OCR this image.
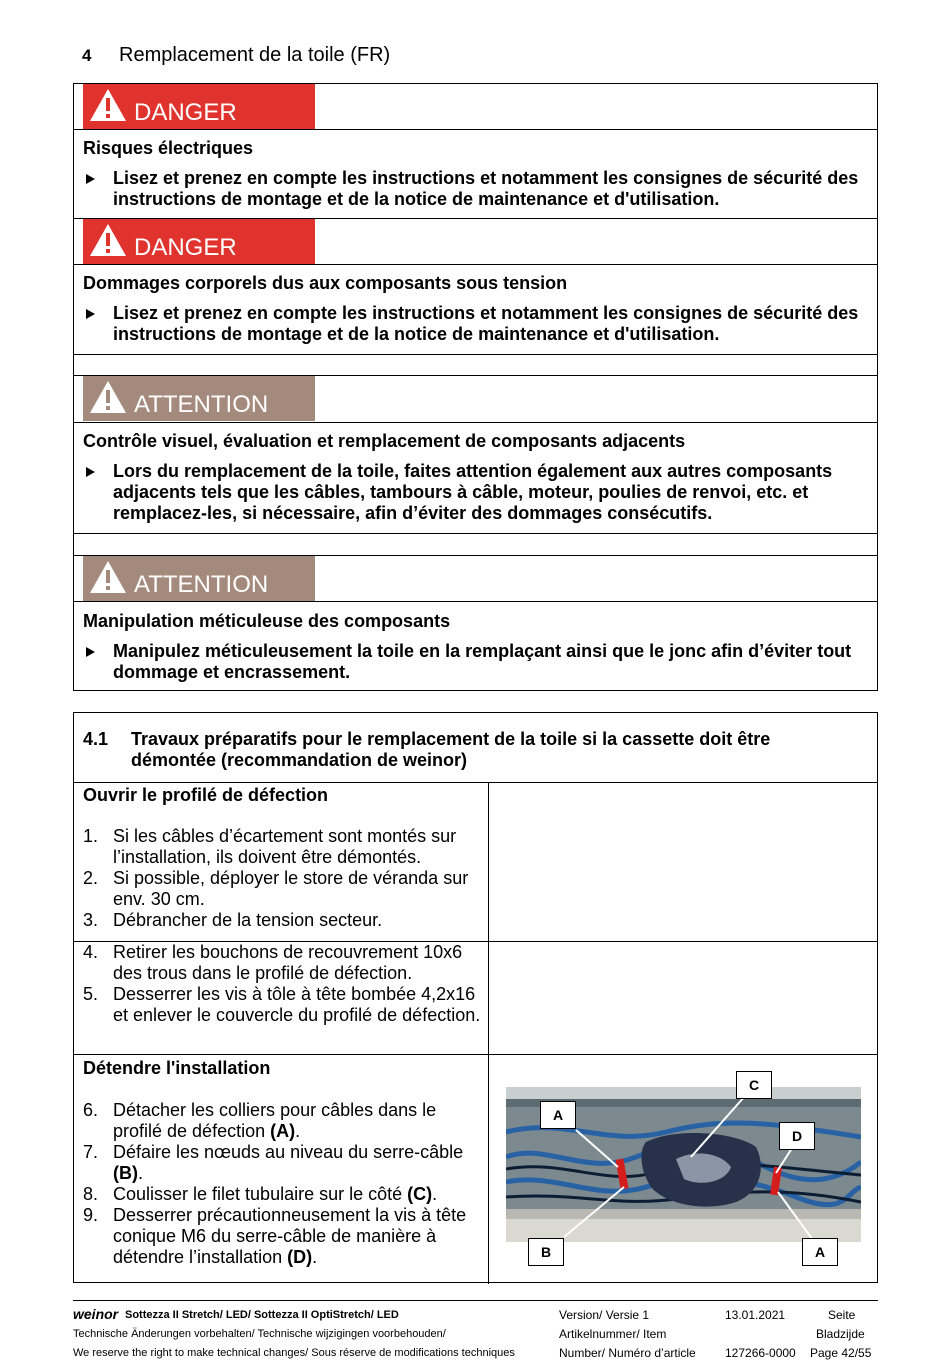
4 Remplacement de la toile (FR)
DANGER
Risques électriques
Lisez et prenez en compte les instructions et notamment les consignes de sécurité des instructions de montage et de la notice de maintenance et d'utilisation.
DANGER
Dommages corporels dus aux composants sous tension
Lisez et prenez en compte les instructions et notamment les consignes de sécurité des instructions de montage et de la notice de maintenance et d'utilisation.
ATTENTION
Contrôle visuel, évaluation et remplacement de composants adjacents
Lors du remplacement de la toile, faites attention également aux autres composants adjacents tels que les câbles, tambours à câble, moteur, poulies de renvoi, etc. et remplacez-les, si nécessaire, afin d’éviter des dommages consécutifs.
ATTENTION
Manipulation méticuleuse des composants
Manipulez méticuleusement la toile en la remplaçant ainsi que le jonc afin d’éviter tout dommage et encrassement.
4.1 Travaux préparatifs pour le remplacement de la toile si la cassette doit être démontée (recommandation de weinor)
Ouvrir le profilé de défection
1. Si les câbles d’écartement sont montés sur l’installation, ils doivent être démontés.
2. Si possible, déployer le store de véranda sur env. 30 cm.
3. Débrancher de la tension secteur.
4. Retirer les bouchons de recouvrement 10x6 des trous dans le profilé de défection.
5. Desserrer les vis à tôle à tête bombée 4,2x16 et enlever le couvercle du profilé de défection.
Détendre l'installation
6. Détacher les colliers pour câbles dans le profilé de défection (A).
7. Défaire les nœuds au niveau du serre-câble (B).
8. Coulisser le filet tubulaire sur le côté (C).
9. Desserrer précautionneusement la vis à tête conique M6 du serre-câble de manière à détendre l’installation (D).
A
C
D
B	A
weinor Sottezza II Stretch/ LED/ Sottezza II OptiStretch/ LED
Technische Änderungen vorbehalten/ Technische wijzigingen voorbehouden/
We reserve the right to make technical changes/ Sous réserve de modifications techniques
Version/ Versie 1
Artikelnummer/ Item
Number/ Numéro d’article
13.01.2021
127266-0000
Seite
Bladzijde
Page 42/55
